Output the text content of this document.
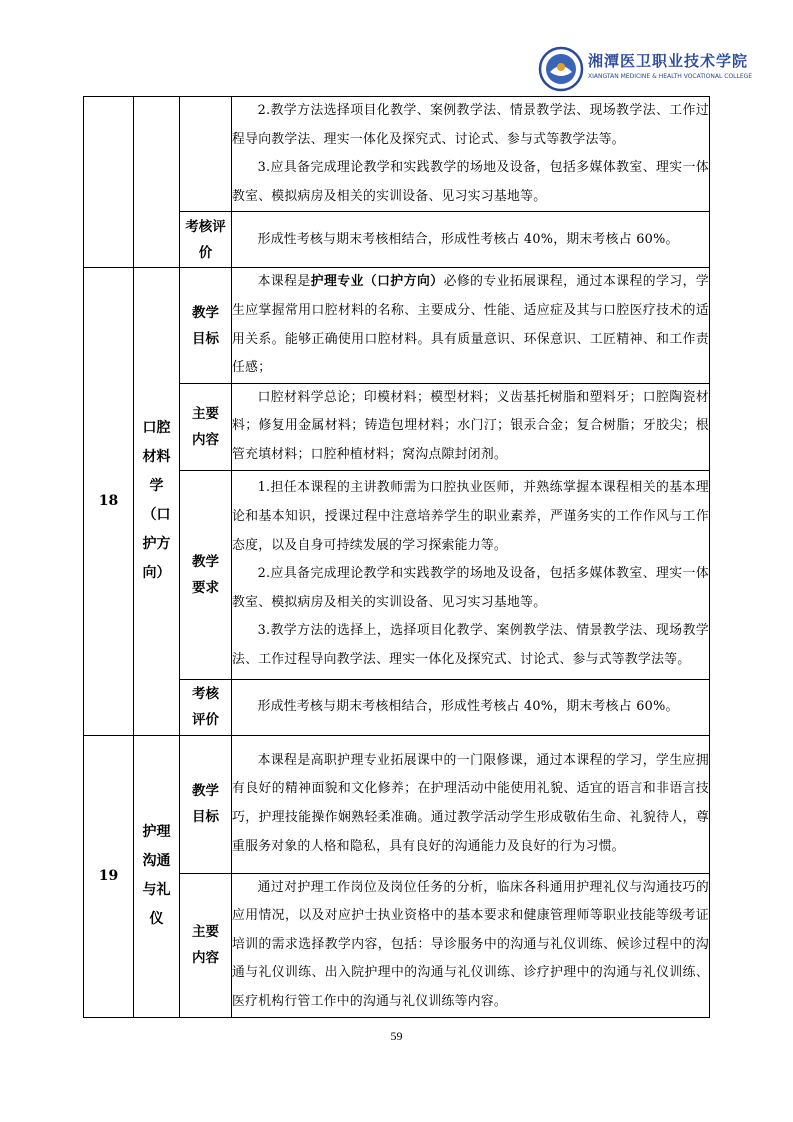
湘潭医卫职业技术学院
XIANGTAN MEDICINE & HEALTH VOCATIONAL COLLEGE

			2.教学方法选择项目化教学、案例教学法、情景教学法、现场教学法、工作过程导向教学法、理实一体化及探究式、讨论式、参与式等教学法等。

3.应具备完成理论教学和实践教学的场地及设备，包括多媒体教室、理实一体教室、模拟病房及相关的实训设备、见习实习基地等。

		考核评价	形成性考核与期末考核相结合，形成性考核占 40%，期末考核占 60%。

18	口腔材料学（口护方向）	教学目标	本课程是护理专业（口护方向）必修的专业拓展课程，通过本课程的学习，学生应掌握常用口腔材料的名称、主要成分、性能、适应症及其与口腔医疗技术的适用关系。能够正确使用口腔材料。具有质量意识、环保意识、工匠精神、和工作责任感；

		主要内容	口腔材料学总论；印模材料；模型材料；义齿基托树脂和塑料牙；口腔陶瓷材料；修复用金属材料；铸造包埋材料；水门汀；银汞合金；复合树脂；牙胶尖；根管充填材料；口腔种植材料；窝沟点隙封闭剂。

		教学要求	1.担任本课程的主讲教师需为口腔执业医师，并熟练掌握本课程相关的基本理论和基本知识，授课过程中注意培养学生的职业素养，严谨务实的工作作风与工作态度，以及自身可持续发展的学习探索能力等。

2.应具备完成理论教学和实践教学的场地及设备，包括多媒体教室、理实一体教室、模拟病房及相关的实训设备、见习实习基地等。

3.教学方法的选择上，选择项目化教学、案例教学法、情景教学法、现场教学法、工作过程导向教学法、理实一体化及探究式、讨论式、参与式等教学法等。

		考核评价	形成性考核与期末考核相结合，形成性考核占 40%，期末考核占 60%。

19	护理沟通与礼仪	教学目标	本课程是高职护理专业拓展课中的一门限修课，通过本课程的学习，学生应拥有良好的精神面貌和文化修养；在护理活动中能使用礼貌、适宜的语言和非语言技巧，护理技能操作娴熟轻柔准确。通过教学活动学生形成敬佑生命、礼貌待人，尊重服务对象的人格和隐私，具有良好的沟通能力及良好的行为习惯。

		主要内容	通过对护理工作岗位及岗位任务的分析，临床各科通用护理礼仪与沟通技巧的应用情况，以及对应护士执业资格中的基本要求和健康管理师等职业技能等级考证培训的需求选择教学内容，包括：导诊服务中的沟通与礼仪训练、候诊过程中的沟通与礼仪训练、出入院护理中的沟通与礼仪训练、诊疗护理中的沟通与礼仪训练、医疗机构行管工作中的沟通与礼仪训练等内容。

59
